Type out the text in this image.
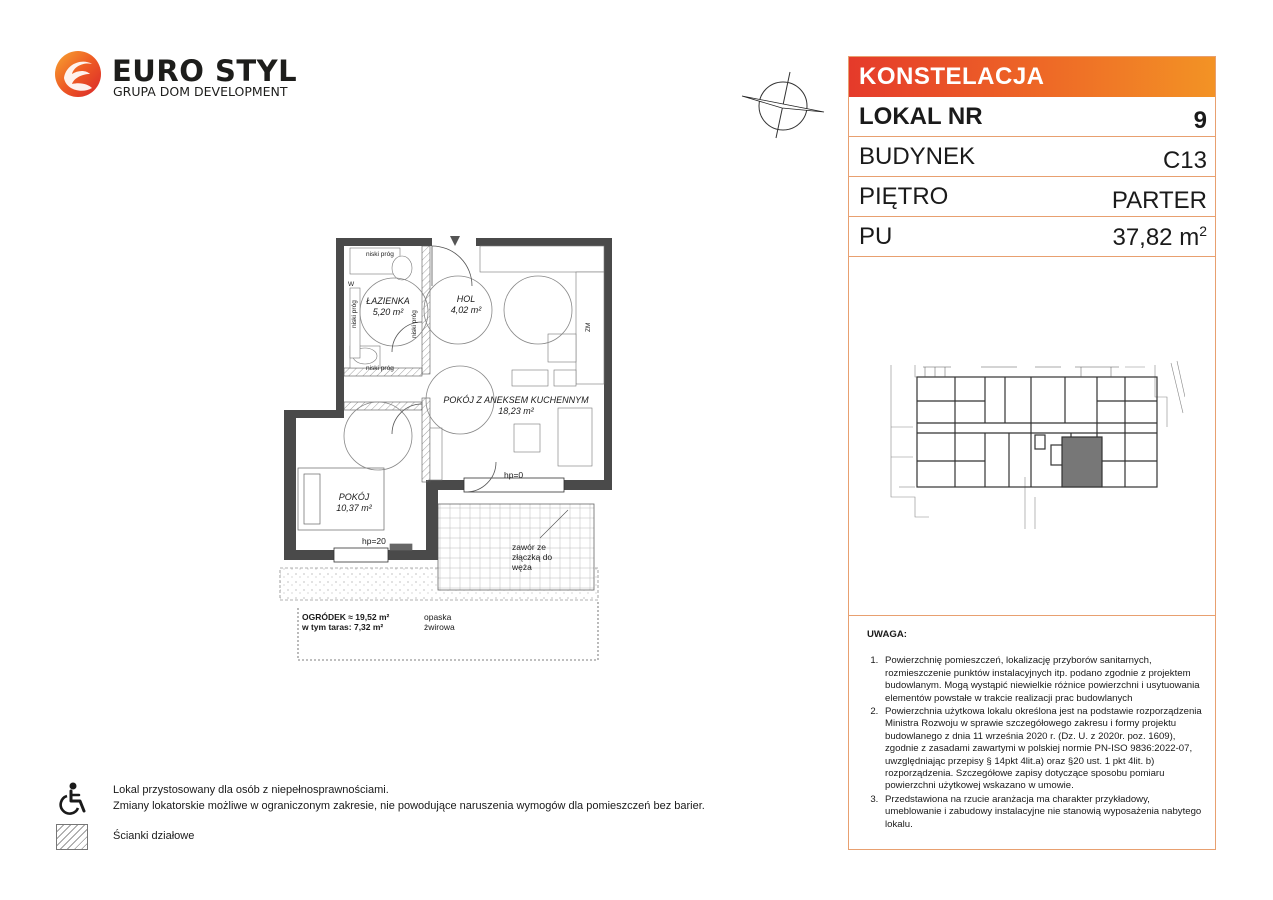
EURO STYL
GRUPA DOM DEVELOPMENT
KONSTELACJA
LOKAL NR	9
BUDYNEK	C13
PIĘTRO	PARTER
PU	37,82 $m^2$
UWAGA:
1. Powierzchnię pomieszczeń, lokalizację przyborów sanitarnych, rozmieszczenie punktów instalacyjnych itp. podano zgodnie z projektem budowlanym. Mogą wystąpić niewielkie różnice powierzchni i usytuowania elementów powstałe w trakcie realizacji prac budowlanych
2. Powierzchnia użytkowa lokalu określona jest na podstawie rozporządzenia Ministra Rozwoju w sprawie szczegółowego zakresu i formy projektu budowlanego z dnia 11 września 2020 r. (Dz. U. z 2020r. poz. 1609), zgodnie z zasadami zawartymi w polskiej normie PN-ISO 9836:2022-07, uwzględniając przepisy § 14pkt 4lit.a) oraz §20 ust. 1 pkt 4lit. b) rozporządzenia. Szczegółowe zapisy dotyczące sposobu pomiaru powierzchni użytkowej wskazano w umowie.
3. Przedstawiona na rzucie aranżacja ma charakter przykładowy, umeblowanie i zabudowy instalacyjne nie stanowią wyposażenia nabytego lokalu.
ŁAZIENKA
5,20 m²
HOL
4,02 m²
POKÓJ Z ANEKSEM KUCHENNYM
18,23 m²
POKÓJ
10,37 m²
niski próg
niski próg
niski próg	niski próg
W
ZM
hp=0
hp=20
zawór ze
złączką do
węża
opaska
żwirowa
OGRÓDEK ≈ 19,52 m²
w tym taras: 7,32 m²
Lokal przystosowany dla osób z niepełnosprawnościami.
Zmiany lokatorskie możliwe w ograniczonym zakresie, nie powodujące naruszenia wymogów dla pomieszczeń bez barier.
Ścianki działowe
